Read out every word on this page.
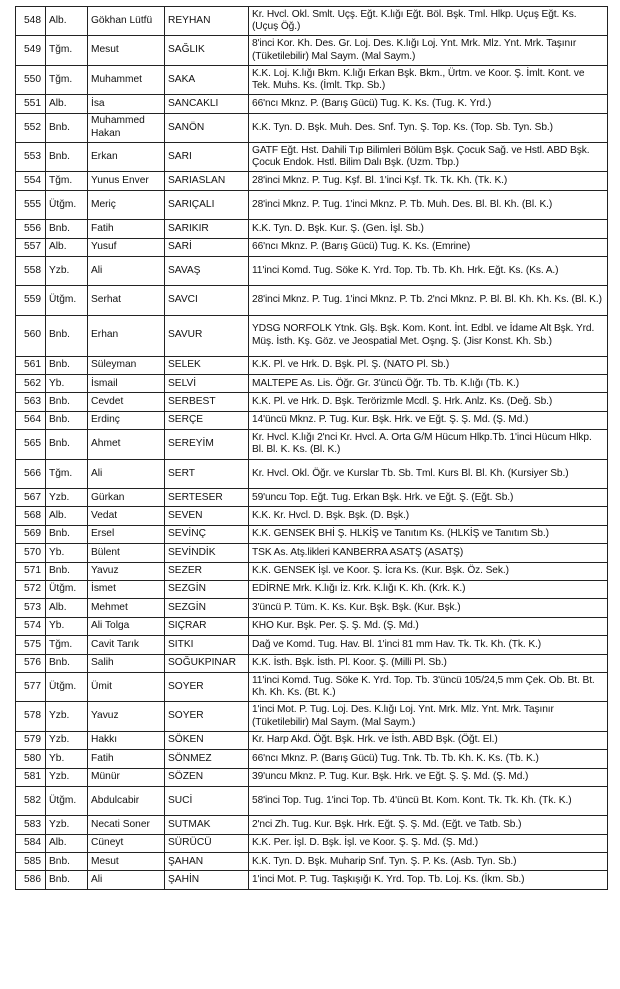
548	Alb.	Gökhan Lütfü	REYHAN	Kr. Hvcl. Okl. Smlt. Uçş. Eğt. K.lığı Eğt. Böl. Bşk. Tml. Hlkp. Uçuş Eğt. Ks. (Uçuş Öğ.)
549	Tğm.	Mesut	SAĞLIK	8'inci Kor. Kh. Des. Gr. Loj. Des. K.lığı Loj. Ynt. Mrk. Mlz. Ynt. Mrk. Taşınır (Tüketilebilir) Mal Saym. (Mal Saym.)
550	Tğm.	Muhammet	SAKA	K.K. Loj. K.lığı Bkm. K.lığı Erkan Bşk. Bkm., Ürtm. ve Koor. Ş. İmlt. Kont. ve Tek. Muhs. Ks. (İmlt. Tkp. Sb.)
551	Alb.	İsa	SANCAKLI	66'ncı Mknz. P. (Barış Gücü) Tug. K. Ks. (Tug. K. Yrd.)
552	Bnb.	Muhammed Hakan	SANÖN	K.K. Tyn. D. Bşk. Muh. Des. Snf. Tyn. Ş. Top. Ks. (Top. Sb. Tyn. Sb.)
553	Bnb.	Erkan	SARI	GATF Eğt. Hst. Dahili Tıp Bilimleri Bölüm Bşk. Çocuk Sağ. ve Hstl. ABD Bşk. Çocuk Endok. Hstl. Bilim Dalı Bşk. (Uzm. Tbp.)
554	Tğm.	Yunus Enver	SARIASLAN	28'inci Mknz. P. Tug. Kşf. Bl. 1'inci Kşf. Tk. Tk. Kh. (Tk. K.)
555	Ütğm.	Meriç	SARIÇALI	28'inci Mknz. P. Tug. 1'inci Mknz. P. Tb. Muh. Des. Bl. Bl. Kh. (Bl. K.)
556	Bnb.	Fatih	SARIKIR	K.K. Tyn. D. Bşk. Kur. Ş. (Gen. İşl. Sb.)
557	Alb.	Yusuf	SARİ	66'ncı Mknz. P. (Barış Gücü) Tug. K. Ks. (Emrine)
558	Yzb.	Ali	SAVAŞ	11'inci Komd. Tug. Söke K. Yrd. Top. Tb. Tb. Kh. Hrk. Eğt. Ks. (Ks. A.)
559	Ütğm.	Serhat	SAVCI	28'inci Mknz. P. Tug. 1'inci Mknz. P. Tb. 2'nci Mknz. P. Bl. Bl. Kh. Kh. Ks. (Bl. K.)
560	Bnb.	Erhan	SAVUR	YDSG NORFOLK Ytnk. Glş. Bşk. Kom. Kont. İnt. Edbl. ve İdame Alt Bşk. Yrd. Müş. İsth. Kş. Göz. ve Jeospatial Met. Oşng. Ş. (Jisr Konst. Kh. Sb.)
561	Bnb.	Süleyman	SELEK	K.K. Pl. ve Hrk. D. Bşk. Pl. Ş. (NATO Pl. Sb.)
562	Yb.	İsmail	SELVİ	MALTEPE As. Lis. Öğr. Gr. 3'üncü Öğr. Tb. Tb. K.lığı (Tb. K.)
563	Bnb.	Cevdet	SERBEST	K.K. Pl. ve Hrk. D. Bşk. Terörizmle Mcdl. Ş. Hrk. Anlz. Ks. (Değ. Sb.)
564	Bnb.	Erdinç	SERÇE	14'üncü Mknz. P. Tug. Kur. Bşk. Hrk. ve Eğt. Ş. Ş. Md. (Ş. Md.)
565	Bnb.	Ahmet	SEREYİM	Kr. Hvcl. K.lığı 2'nci Kr. Hvcl. A. Orta G/M Hücum Hlkp.Tb. 1'inci Hücum Hlkp. Bl. Bl. K. Ks. (Bl. K.)
566	Tğm.	Ali	SERT	Kr. Hvcl. Okl. Öğr. ve Kurslar Tb. Sb. Tml. Kurs Bl. Bl. Kh. (Kursiyer Sb.)
567	Yzb.	Gürkan	SERTESER	59'uncu Top. Eğt. Tug. Erkan Bşk. Hrk. ve Eğt. Ş. (Eğt. Sb.)
568	Alb.	Vedat	SEVEN	K.K. Kr. Hvcl. D. Bşk. Bşk. (D. Bşk.)
569	Bnb.	Ersel	SEVİNÇ	K.K. GENSEK BHİ Ş. HLKİŞ ve Tanıtım Ks. (HLKİŞ ve Tanıtım Sb.)
570	Yb.	Bülent	SEVİNDİK	TSK As. Atş.likleri KANBERRA ASATŞ (ASATŞ)
571	Bnb.	Yavuz	SEZER	K.K. GENSEK İşl. ve Koor. Ş. İcra Ks. (Kur. Bşk. Öz. Sek.)
572	Ütğm.	İsmet	SEZGİN	EDİRNE Mrk. K.lığı İz. Krk. K.lığı K. Kh. (Krk. K.)
573	Alb.	Mehmet	SEZGİN	3'üncü P. Tüm. K. Ks. Kur. Bşk. Bşk. (Kur. Bşk.)
574	Yb.	Ali Tolga	SIÇRAR	KHO Kur. Bşk. Per. Ş. Ş. Md. (Ş. Md.)
575	Tğm.	Cavit Tarık	SITKI	Dağ ve Komd. Tug. Hav. Bl. 1'inci 81 mm Hav. Tk. Tk. Kh. (Tk. K.)
576	Bnb.	Salih	SOĞUKPINAR	K.K. İsth. Bşk. İsth. Pl. Koor. Ş. (Milli Pl. Sb.)
577	Ütğm.	Ümit	SOYER	11'inci Komd. Tug. Söke K. Yrd. Top. Tb. 3'üncü 105/24,5 mm Çek. Ob. Bt. Bt. Kh. Kh. Ks. (Bt. K.)
578	Yzb.	Yavuz	SOYER	1'inci Mot. P. Tug. Loj. Des. K.lığı Loj. Ynt. Mrk. Mlz. Ynt. Mrk. Taşınır (Tüketilebilir) Mal Saym. (Mal Saym.)
579	Yzb.	Hakkı	SÖKEN	Kr. Harp Akd. Öğt. Bşk. Hrk. ve İsth. ABD Bşk. (Öğt. El.)
580	Yb.	Fatih	SÖNMEZ	66'ncı Mknz. P. (Barış Gücü) Tug. Tnk. Tb. Tb. Kh. K. Ks. (Tb. K.)
581	Yzb.	Münür	SÖZEN	39'uncu Mknz. P. Tug. Kur. Bşk. Hrk. ve Eğt. Ş. Ş. Md. (Ş. Md.)
582	Ütğm.	Abdulcabir	SUCİ	58'inci Top. Tug. 1'inci Top. Tb. 4'üncü Bt. Kom. Kont. Tk. Tk. Kh. (Tk. K.)
583	Yzb.	Necati Soner	SUTMAK	2'nci Zh. Tug. Kur. Bşk. Hrk. Eğt. Ş. Ş. Md. (Eğt. ve Tatb. Sb.)
584	Alb.	Cüneyt	SÜRÜCÜ	K.K. Per. İşl. D. Bşk. İşl. ve Koor. Ş. Ş. Md. (Ş. Md.)
585	Bnb.	Mesut	ŞAHAN	K.K. Tyn. D. Bşk. Muharip Snf. Tyn. Ş. P. Ks. (Asb. Tyn. Sb.)
586	Bnb.	Ali	ŞAHİN	1'inci Mot. P. Tug. Taşkışığı K. Yrd. Top. Tb. Loj. Ks. (İkm. Sb.)
